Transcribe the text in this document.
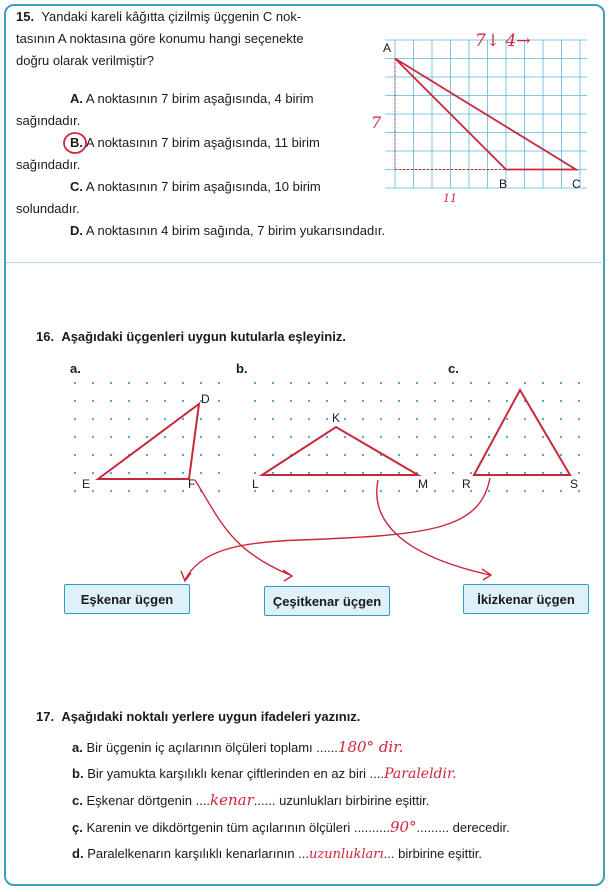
15. Yandaki kareli kâğıtta çizilmiş üçgenin C nok-
tasının A noktasına göre konumu hangi seçenekte
doğru olarak verilmiştir?
A. A noktasının 7 birim aşağısında, 4 birim
sağındadır.
B. A noktasının 7 birim aşağısında, 11 birim
sağındadır.
C. A noktasının 7 birim aşağısında, 10 birim
solundadır.
D. A noktasının 4 birim sağında, 7 birim yukarısındadır.
A
B	C
7↓ 4→
7
11
16. Aşağıdaki üçgenleri uygun kutularla eşleyiniz.
a.	b.	c.
D
E	F
K
L	M	R	S
Eşkenar üçgen	Çeşitkenar üçgen	İkizkenar üçgen
17. Aşağıdaki noktalı yerlere uygun ifadeleri yazınız.
a. Bir üçgenin iç açılarının ölçüleri toplamı ......180° dir.
b. Bir yamukta karşılıklı kenar çiftlerinden en az biri ....Paraleldir.
c. Eşkenar dörtgenin ....kenar...... uzunlukları birbirine eşittir.
ç. Karenin ve dikdörtgenin tüm açılarının ölçüleri ..........90°......... derecedir.
d. Paralelkenarın karşılıklı kenarlarının ...uzunlukları... birbirine eşittir.
